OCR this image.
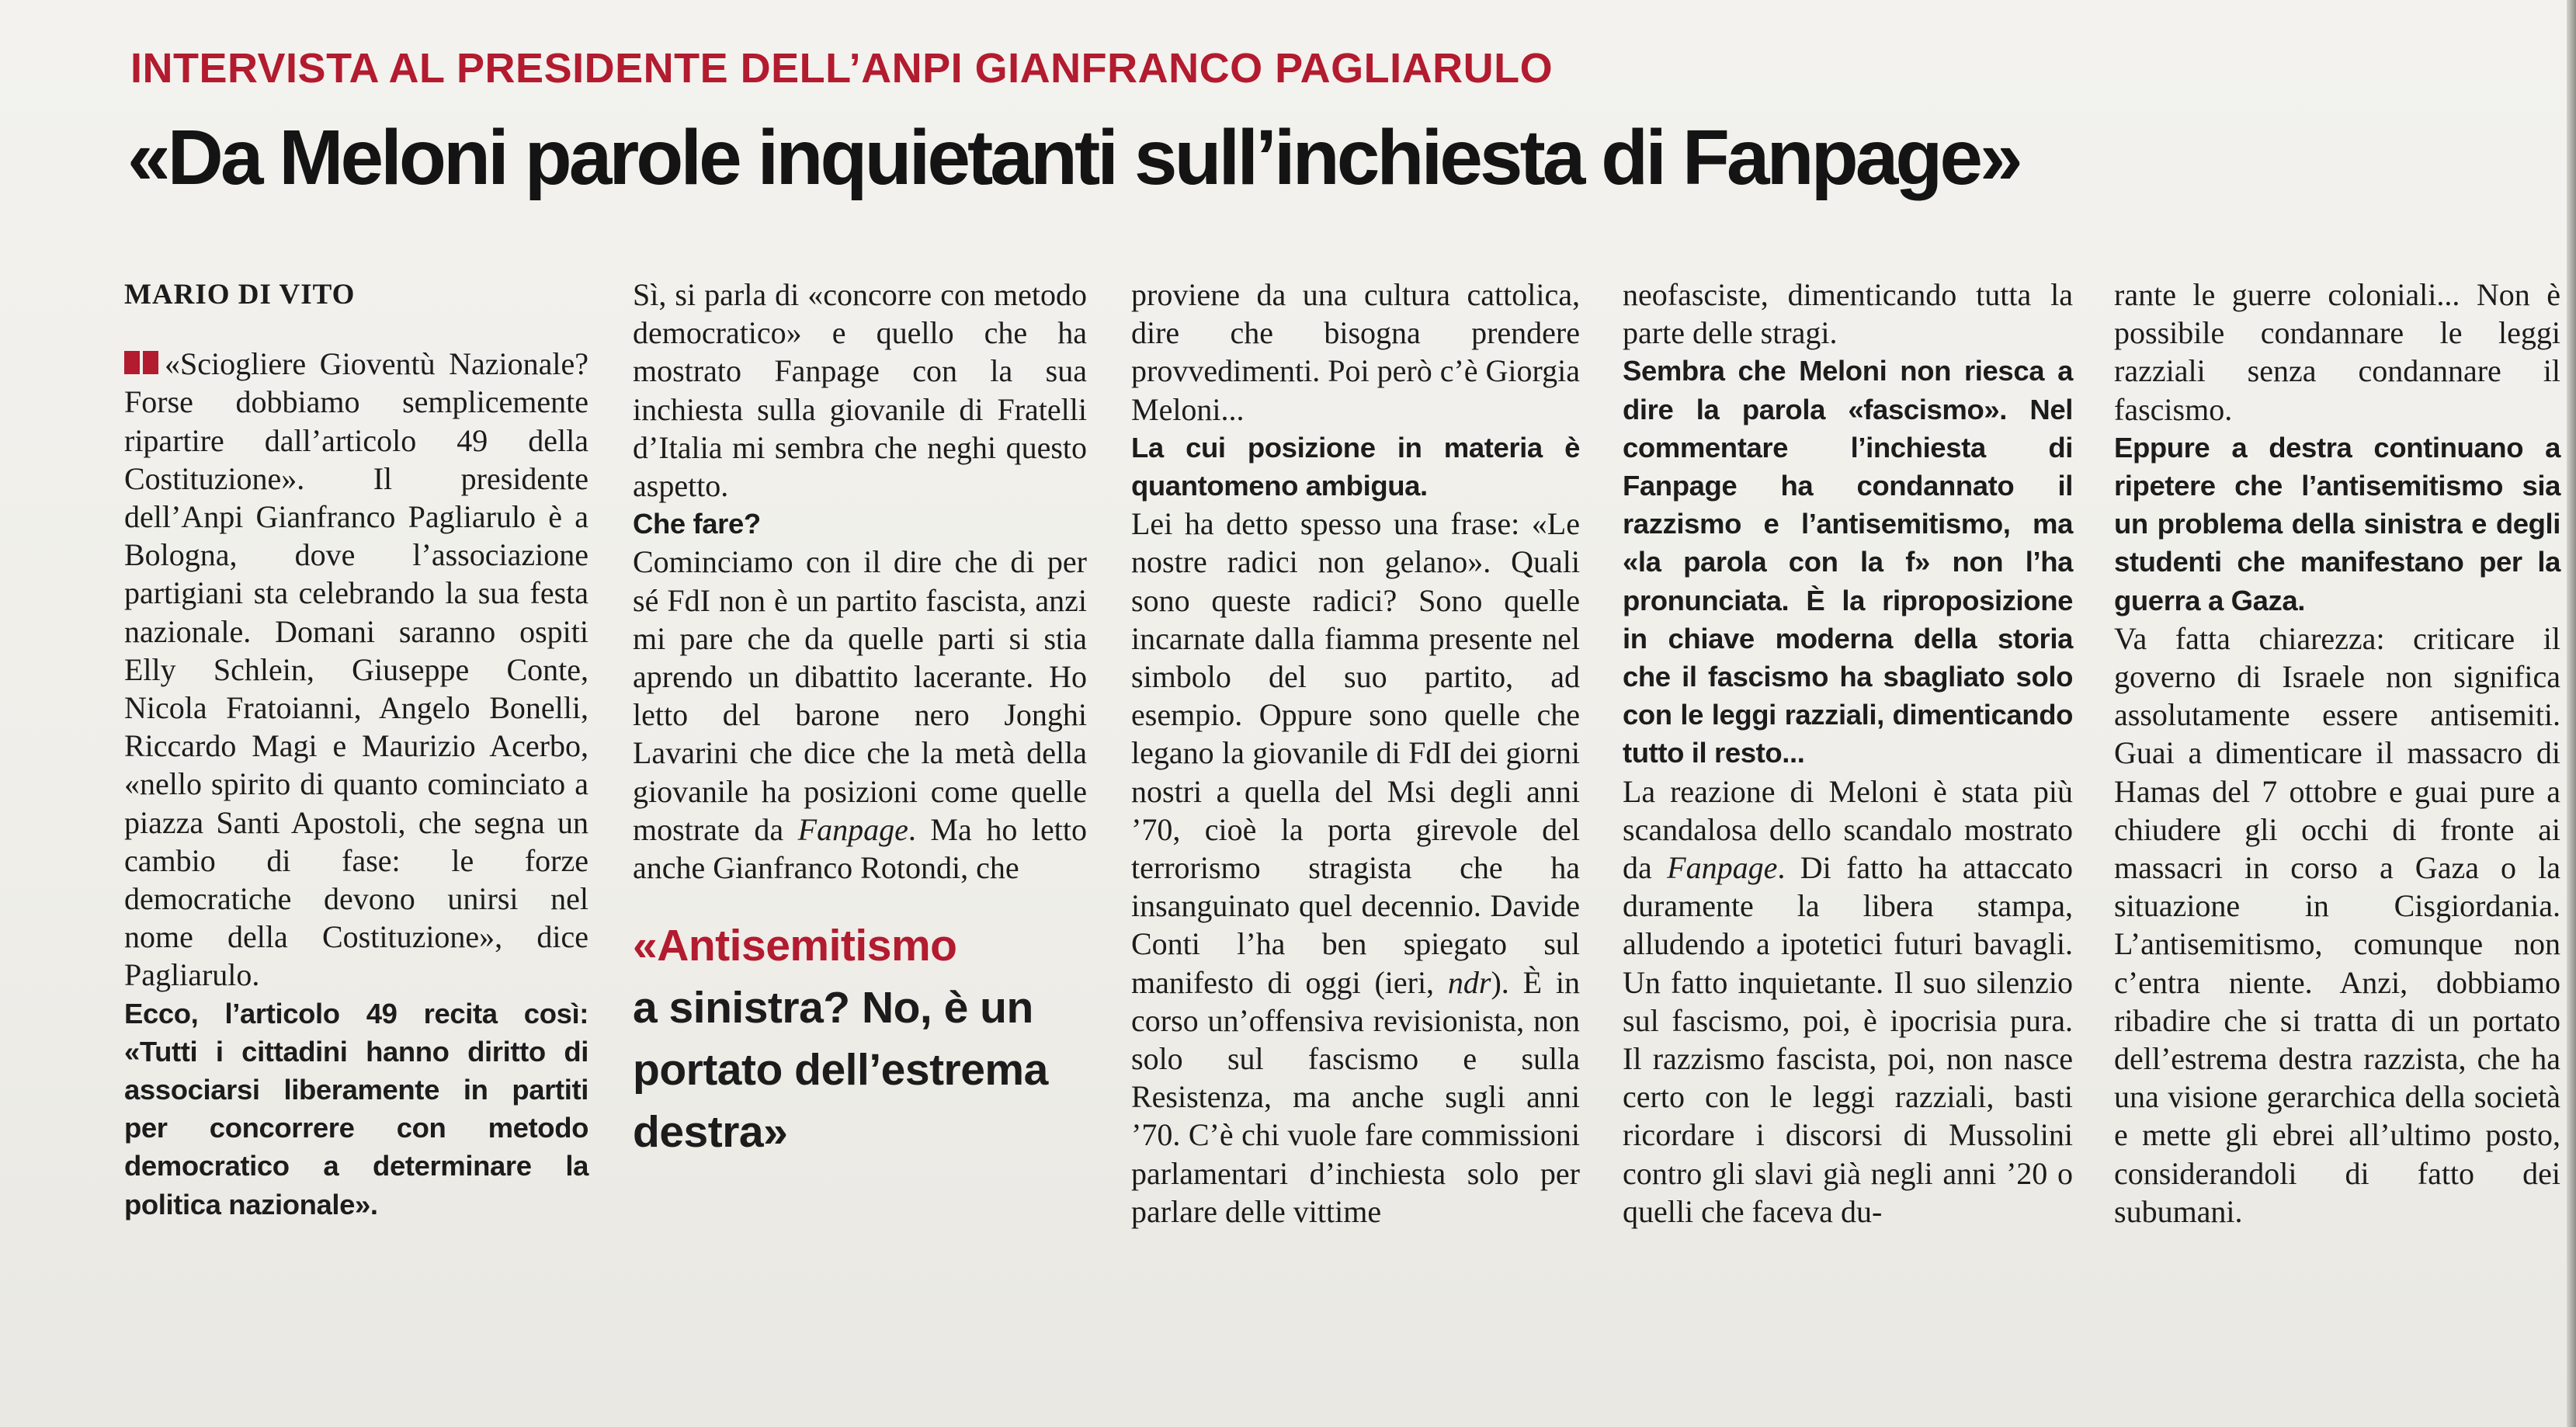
INTERVISTA AL PRESIDENTE DELL’ANPI GIANFRANCO PAGLIARULO
«Da Meloni parole inquietanti sull’inchiesta di Fanpage»

MARIO DI VITO

«Sciogliere Gioventù Nazionale? Forse dobbiamo semplicemente ripartire dall’articolo 49 della Costituzione». Il presidente dell’Anpi Gianfranco Pagliarulo è a Bologna, dove l’associazione partigiani sta celebrando la sua festa nazionale. Domani saranno ospiti Elly Schlein, Giuseppe Conte, Nicola Fratoianni, Angelo Bonelli, Riccardo Magi e Maurizio Acerbo, «nello spirito di quanto cominciato a piazza Santi Apostoli, che segna un cambio di fase: le forze democratiche devono unirsi nel nome della Costituzione», dice Pagliarulo.

Ecco, l’articolo 49 recita così: «Tutti i cittadini hanno diritto di associarsi liberamente in partiti per concorrere con metodo democratico a determinare la politica nazionale».

Sì, si parla di «concorre con metodo democratico» e quello che ha mostrato Fanpage con la sua inchiesta sulla giovanile di Fratelli d’Italia mi sembra che neghi questo aspetto.

Che fare?

Cominciamo con il dire che di per sé FdI non è un partito fascista, anzi mi pare che da quelle parti si stia aprendo un dibattito lacerante. Ho letto del barone nero Jonghi Lavarini che dice che la metà della giovanile ha posizioni come quelle mostrate da Fanpage. Ma ho letto anche Gianfranco Rotondi, che

«Antisemitismo
a sinistra? No, è un portato dell’estrema destra»

proviene da una cultura cattolica, dire che bisogna prendere provvedimenti. Poi però c’è Giorgia Meloni...

La cui posizione in materia è quantomeno ambigua.

Lei ha detto spesso una frase: «Le nostre radici non gelano». Quali sono queste radici? Sono quelle incarnate dalla fiamma presente nel simbolo del suo partito, ad esempio. Oppure sono quelle che legano la giovanile di FdI dei giorni nostri a quella del Msi degli anni ’70, cioè la porta girevole del terrorismo stragista che ha insanguinato quel decennio. Davide Conti l’ha ben spiegato sul manifesto di oggi (ieri, ndr). È in corso un’offensiva revisionista, non solo sul fascismo e sulla Resistenza, ma anche sugli anni ’70. C’è chi vuole fare commissioni parlamentari d’inchiesta solo per parlare delle vittime

neofasciste, dimenticando tutta la parte delle stragi.

Sembra che Meloni non riesca a dire la parola «fascismo». Nel commentare l’inchiesta di Fanpage ha condannato il razzismo e l’antisemitismo, ma «la parola con la f» non l’ha pronunciata. È la riproposizione in chiave moderna della storia che il fascismo ha sbagliato solo con le leggi razziali, dimenticando tutto il resto...

La reazione di Meloni è stata più scandalosa dello scandalo mostrato da Fanpage. Di fatto ha attaccato duramente la libera stampa, alludendo a ipotetici futuri bavagli. Un fatto inquietante. Il suo silenzio sul fascismo, poi, è ipocrisia pura. Il razzismo fascista, poi, non nasce certo con le leggi razziali, basti ricordare i discorsi di Mussolini contro gli slavi già negli anni ’20 o quelli che faceva du-

rante le guerre coloniali... Non è possibile condannare le leggi razziali senza condannare il fascismo.

Eppure a destra continuano a ripetere che l’antisemitismo sia un problema della sinistra e degli studenti che manifestano per la guerra a Gaza.

Va fatta chiarezza: criticare il governo di Israele non significa assolutamente essere antisemiti. Guai a dimenticare il massacro di Hamas del 7 ottobre e guai pure a chiudere gli occhi di fronte ai massacri in corso a Gaza o la situazione in Cisgiordania. L’antisemitismo, comunque non c’entra niente. Anzi, dobbiamo ribadire che si tratta di un portato dell’estrema destra razzista, che ha una visione gerarchica della società e mette gli ebrei all’ultimo posto, considerandoli di fatto dei subumani.
